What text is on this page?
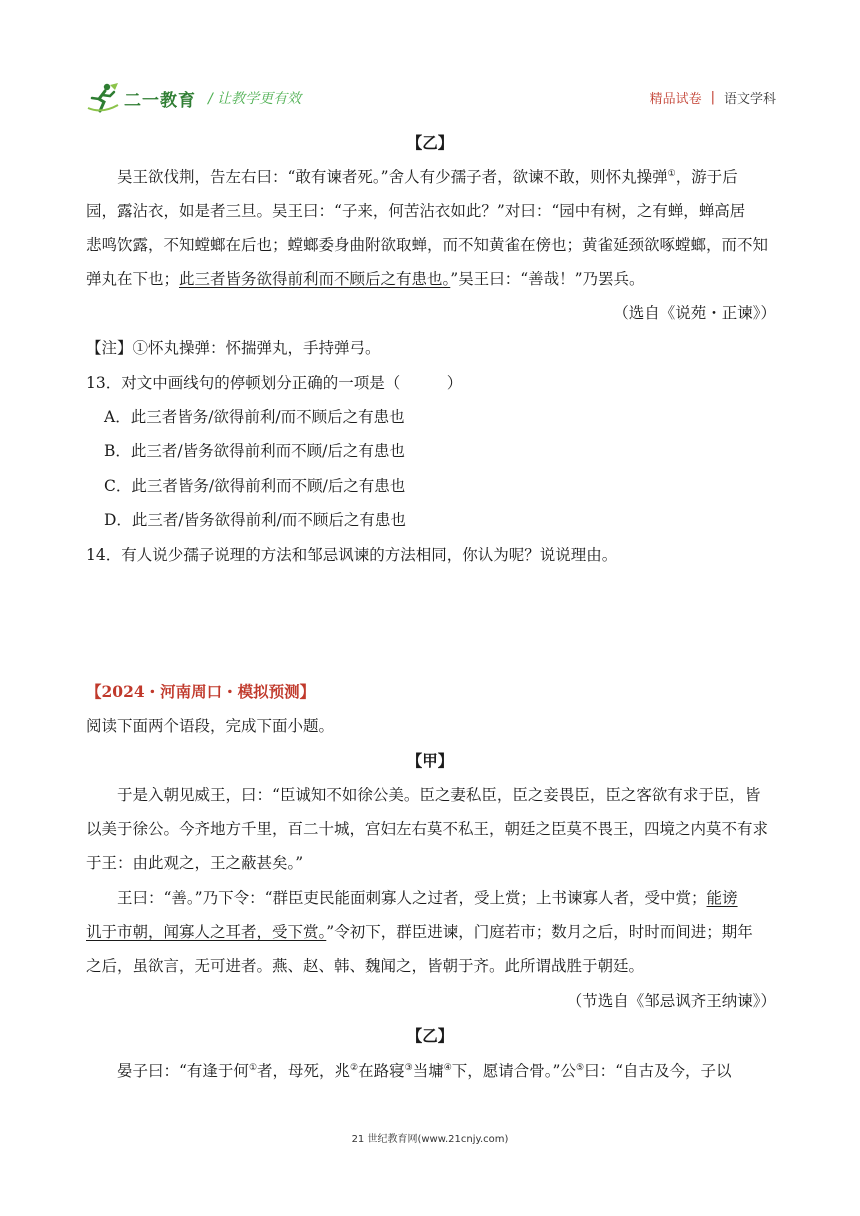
二一教育 / 让教学更有效	精品试卷 | 语文学科
【乙】
吴王欲伐荆，告左右曰：“敢有谏者死。”舍人有少孺子者，欲谏不敢，则怀丸操弹①，游于后
园，露沾衣，如是者三旦。吴王曰：“子来，何苦沾衣如此？”对曰：“园中有树，之有蝉，蝉高居
悲鸣饮露，不知螳螂在后也；螳螂委身曲附欲取蝉，而不知黄雀在傍也；黄雀延颈欲啄螳螂，而不知
弹丸在下也；此三者皆务欲得前利而不顾后之有患也。”吴王曰：“善哉！”乃罢兵。
（选自《说苑・正谏》）
【注】①怀丸操弹：怀揣弹丸，手持弹弓。
13．对文中画线句的停顿划分正确的一项是（　　　）
A．此三者皆务/欲得前利/而不顾后之有患也
B．此三者/皆务欲得前利而不顾/后之有患也
C．此三者皆务/欲得前利而不顾/后之有患也
D．此三者/皆务欲得前利/而不顾后之有患也
14．有人说少孺子说理的方法和邹忌讽谏的方法相同，你认为呢？说说理由。
【2024・河南周口・模拟预测】
阅读下面两个语段，完成下面小题。
【甲】
于是入朝见威王，曰：“臣诚知不如徐公美。臣之妻私臣，臣之妾畏臣，臣之客欲有求于臣，皆
以美于徐公。今齐地方千里，百二十城，宫妇左右莫不私王，朝廷之臣莫不畏王，四境之内莫不有求
于王：由此观之，王之蔽甚矣。”
王曰：“善。”乃下令：“群臣吏民能面刺寡人之过者，受上赏；上书谏寡人者，受中赏；能谤
讥于市朝，闻寡人之耳者，受下赏。”令初下，群臣进谏，门庭若市；数月之后，时时而间进；期年
之后，虽欲言，无可进者。燕、赵、韩、魏闻之，皆朝于齐。此所谓战胜于朝廷。
（节选自《邹忌讽齐王纳谏》）
【乙】
晏子曰：“有逢于何①者，母死，兆②在路寝③当墉④下，愿请合骨。”公⑤曰：“自古及今，子以
21 世纪教育网(www.21cnjy.com)
